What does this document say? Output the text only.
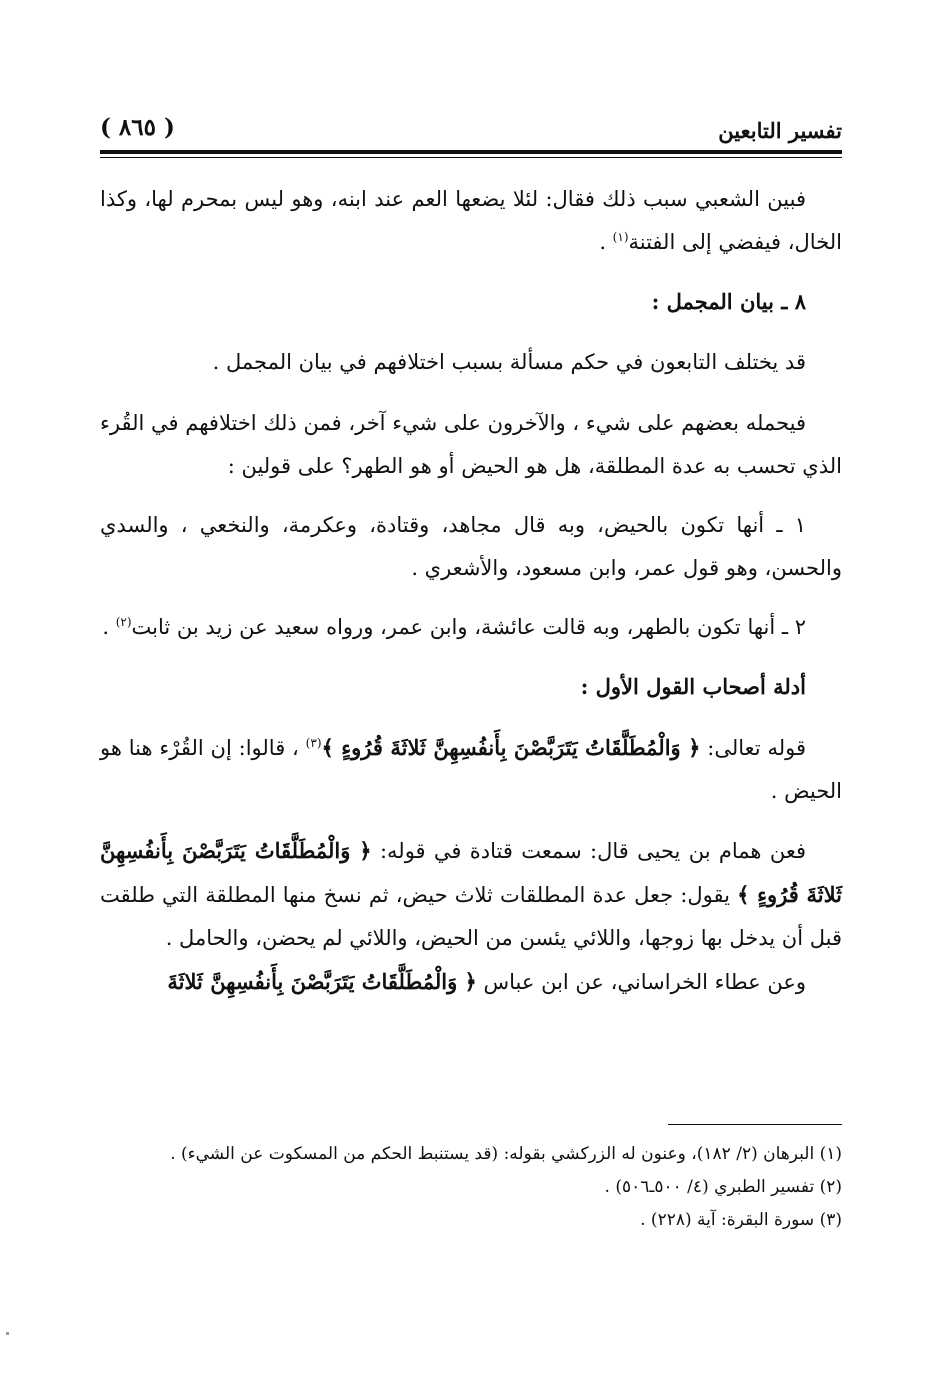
تفسير التابعين
( ٨٦٥ )

فبين الشعبي سبب ذلك فقال: لئلا يضعها العم عند ابنه، وهو ليس بمحرم لها، وكذا الخال، فيفضي إلى الفتنة$^{(١)}$ .

٨ ـ بيان المجمل :

قد يختلف التابعون في حكم مسألة بسبب اختلافهم في بيان المجمل .

فيحمله بعضهم على شيء ، والآخرون على شيء آخر، فمن ذلك اختلافهم في القُرء الذي تحسب به عدة المطلقة، هل هو الحيض أو هو الطهر؟ على قولين :

١ ـ أنها تكون بالحيض، وبه قال مجاهد، وقتادة، وعكرمة، والنخعي ، والسدي والحسن، وهو قول عمر، وابن مسعود، والأشعري .

٢ ـ أنها تكون بالطهر، وبه قالت عائشة، وابن عمر، ورواه سعيد عن زيد بن ثابت$^{(٢)}$ .

أدلة أصحاب القول الأول :

قوله تعالى: ﴿ وَالْمُطَلَّقَاتُ يَتَرَبَّصْنَ بِأَنفُسِهِنَّ ثَلاثَةَ قُرُوءٍ ﴾$^{(٣)}$ ، قالوا: إن القُرْء هنا هو الحيض .

فعن همام بن يحيى قال: سمعت قتادة في قوله: ﴿ وَالْمُطَلَّقَاتُ يَتَرَبَّصْنَ بِأَنفُسِهِنَّ ثَلاثَةَ قُرُوءٍ ﴾ يقول: جعل عدة المطلقات ثلاث حيض، ثم نسخ منها المطلقة التي طلقت قبل أن يدخل بها زوجها، واللائي يئسن من الحيض، واللائي لم يحضن، والحامل .

وعن عطاء الخراساني، عن ابن عباس ﴿ وَالْمُطَلَّقَاتُ يَتَرَبَّصْنَ بِأَنفُسِهِنَّ ثَلاثَةَ

(١) البرهان (٢/ ١٨٢)، وعنون له الزركشي بقوله: (قد يستنبط الحكم من المسكوت عن الشيء) .
(٢) تفسير الطبري (٤/ ٥٠٠ـ٥٠٦) .
(٣) سورة البقرة: آية (٢٢٨) .
